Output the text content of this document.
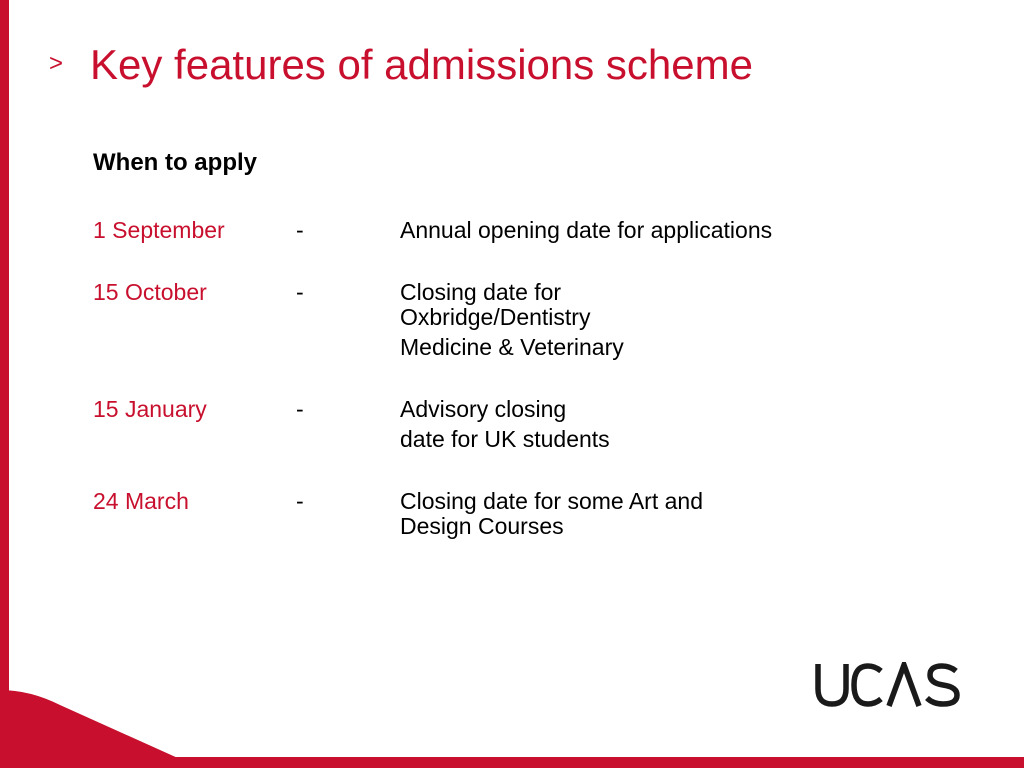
> Key features of admissions scheme
When to apply
1 September	-	Annual opening date for applications
15 October	-	Closing date for
Oxbridge/Dentistry
Medicine & Veterinary
15 January	-	Advisory closing
date for UK students
24 March	-	Closing date for some Art and
Design Courses
